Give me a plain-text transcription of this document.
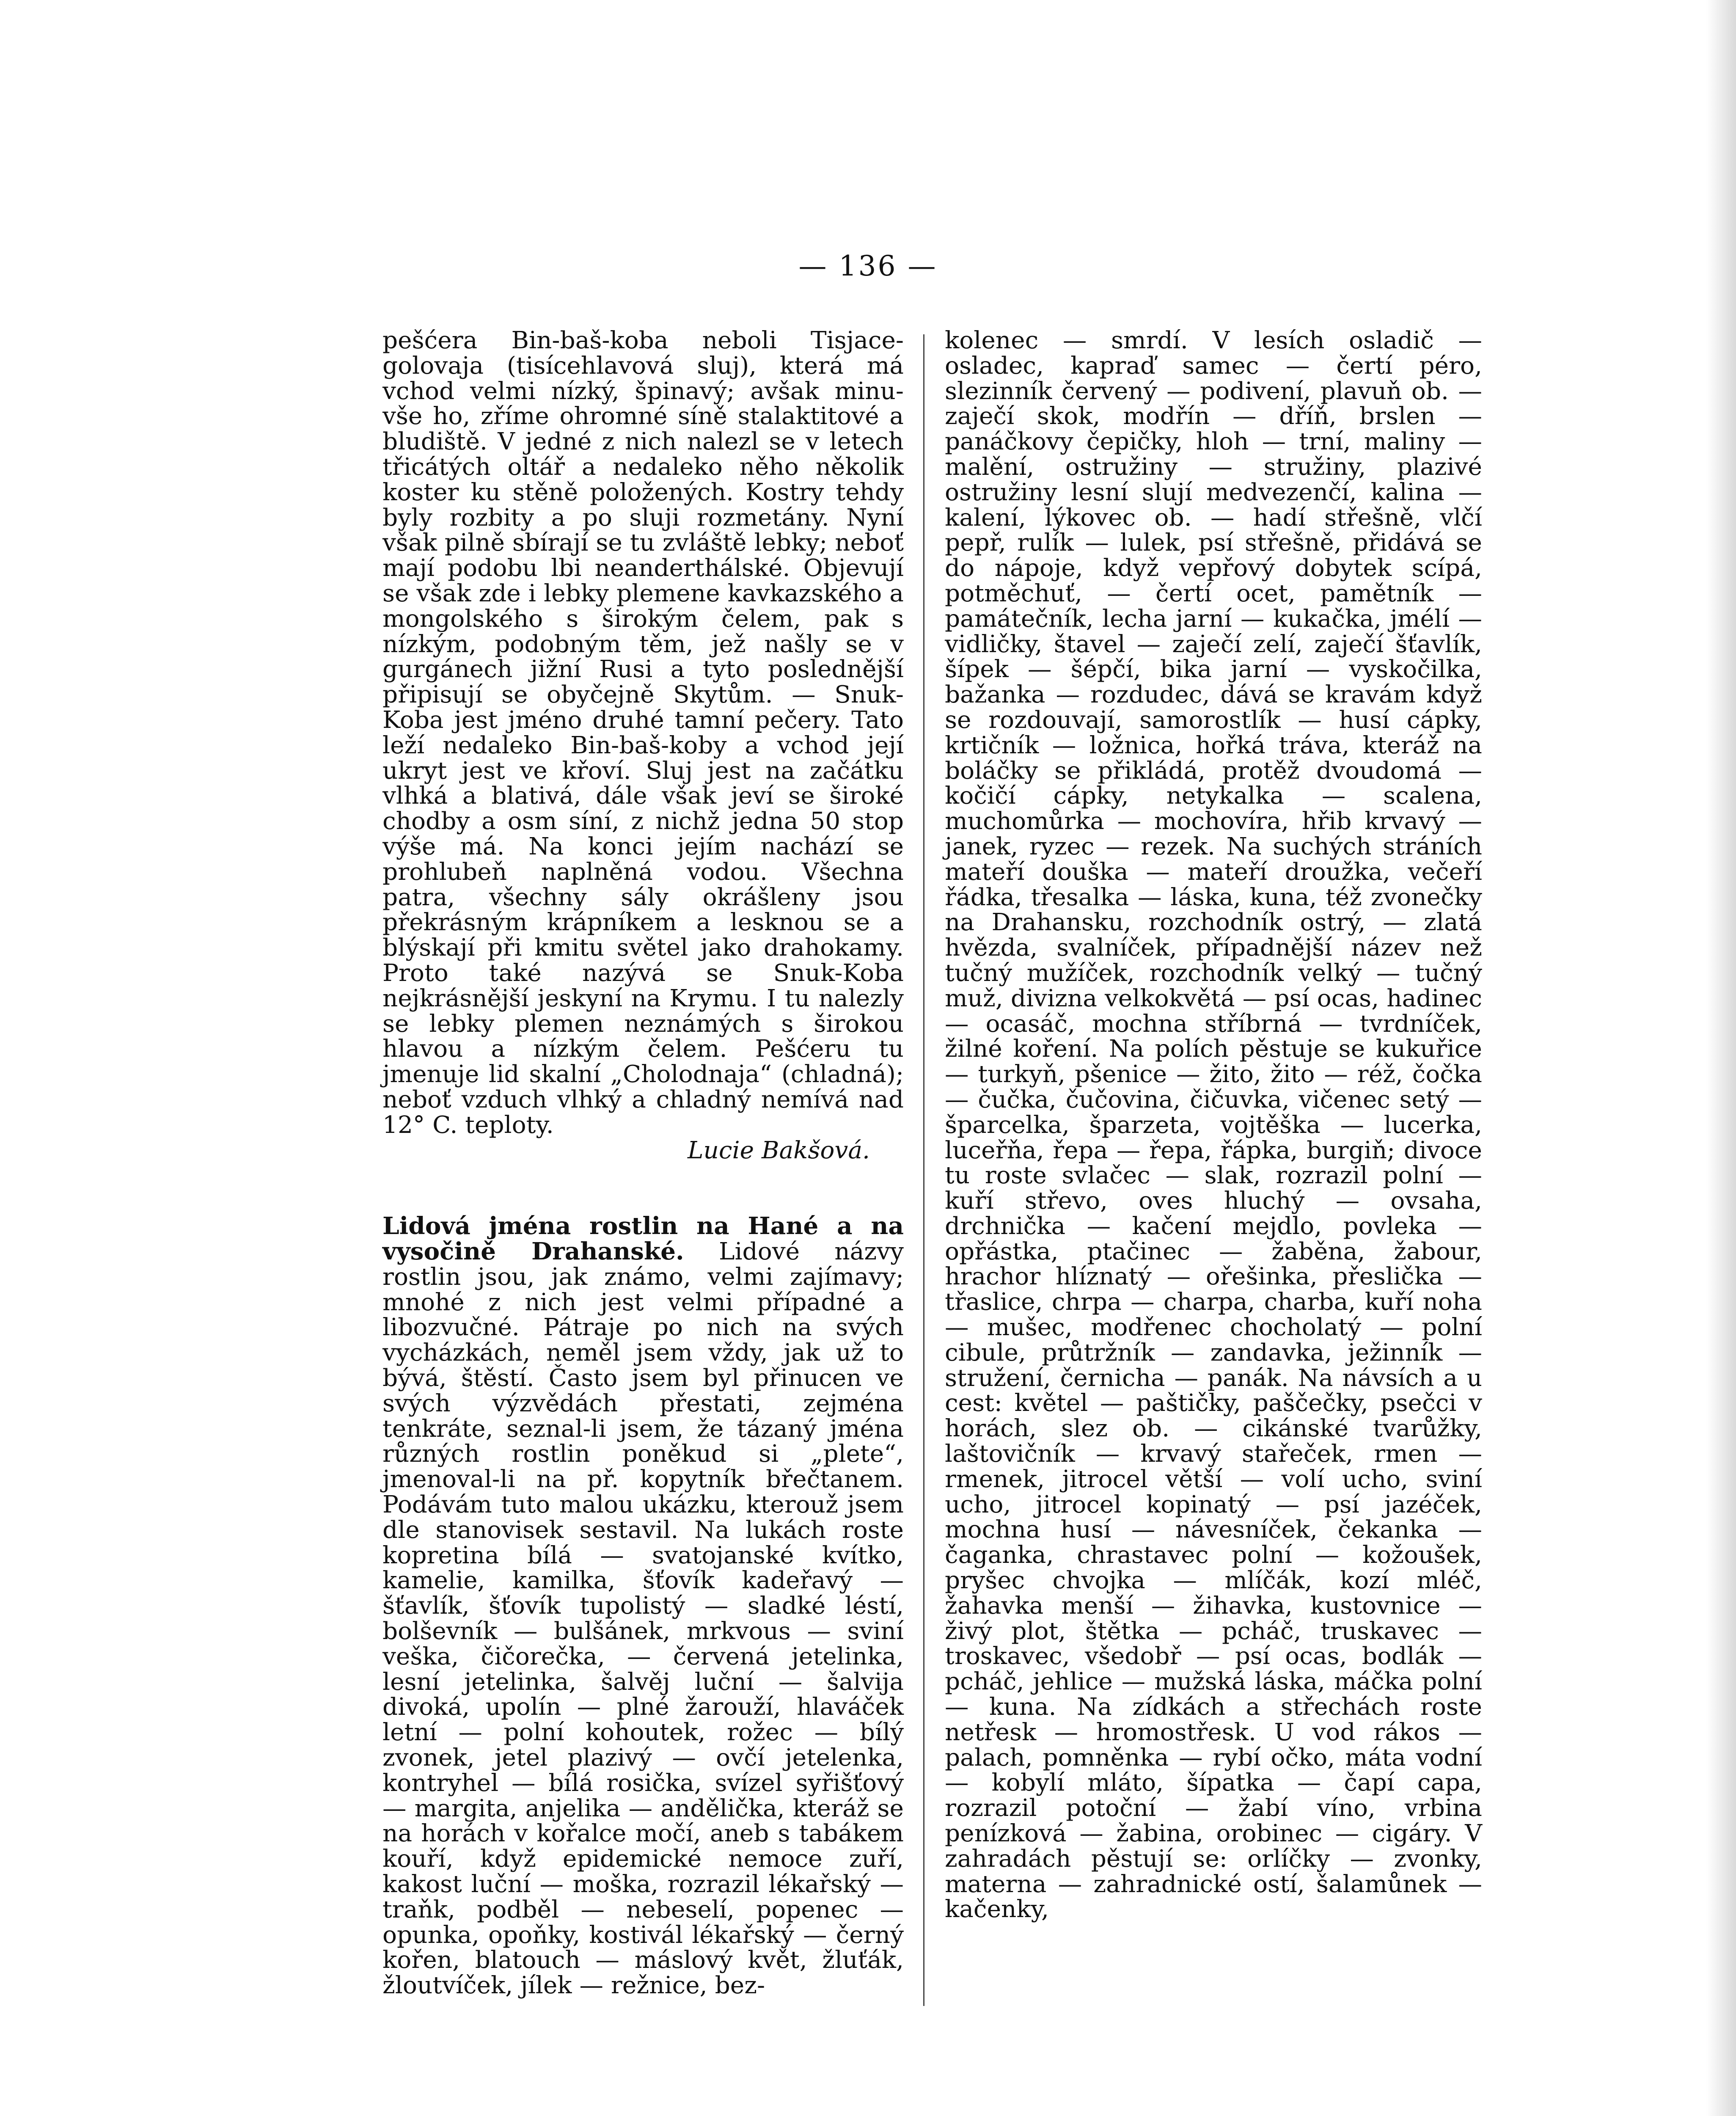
— 136 —

pešćera Bin-baš-koba neboli Tisjace-golovaja (tisícehlavová sluj), která má vchod velmi nízký, špinavý; avšak minu-vše ho, zříme ohromné síně stalaktitové a bludiště. V jedné z nich nalezl se v letech třicátých oltář a nedaleko něho několik koster ku stěně položených. Kostry tehdy byly rozbity a po sluji rozmetány. Nyní však pilně sbírají se tu zvláště lebky; neboť mají podobu lbi neanderthálské. Objevují se však zde i lebky plemene kavkazského a mongolského s širokým čelem, pak s nízkým, podobným těm, jež našly se v gurgánech jižní Rusi a tyto poslednější připisují se obyčejně Skytům. — Snuk-Koba jest jméno druhé tamní pečery. Tato leží nedaleko Bin-baš-koby a vchod její ukryt jest ve křoví. Sluj jest na začátku vlhká a blativá, dále však jeví se široké chodby a osm síní, z nichž jedna 50 stop výše má. Na konci jejím nachází se prohlubeň naplněná vodou. Všechna patra, všechny sály okrášleny jsou překrásným krápníkem a lesknou se a blýskají při kmitu světel jako drahokamy. Proto také nazývá se Snuk-Koba nejkrásnější jeskyní na Krymu. I tu nalezly se lebky plemen neznámých s širokou hlavou a nízkým čelem. Pešćeru tu jmenuje lid skalní „Cholodnaja“ (chladná); neboť vzduch vlhký a chladný nemívá nad 12° C. teploty.

Lucie Bakšová.

Lidová jména rostlin na Hané a na vysočině Drahanské. Lidové názvy rostlin jsou, jak známo, velmi zajímavy; mnohé z nich jest velmi případné a libozvučné. Pátraje po nich na svých vycházkách, neměl jsem vždy, jak už to bývá, štěstí. Často jsem byl přinucen ve svých výzvědách přestati, zejména tenkráte, seznal-li jsem, že tázaný jména různých rostlin poněkud si „plete“, jmenoval-li na př. kopytník břečtanem. Podávám tuto malou ukázku, kterouž jsem dle stanovisek sestavil. Na lukách roste kopretina bílá — svatojanské kvítko, kamelie, kamilka, šťovík kadeřavý — šťavlík, šťovík tupolistý — sladké léstí, bolševník — bulšánek, mrkvous — sviní veška, čičorečka, — červená jetelinka, lesní jetelinka, šalvěj luční — šalvija divoká, upolín — plné žarouží, hlaváček letní — polní kohoutek, rožec — bílý zvonek, jetel plazivý — ovčí jetelenka, kontryhel — bílá rosička, svízel syřišťový — margita, anjelika — andělička, kteráž se na horách v kořalce močí, aneb s tabákem kouří, když epidemické nemoce zuří, kakost luční — moška, rozrazil lékařský — traňk, podběl — nebeselí, popenec — opunka, opoňky, kostivál lékařský — černý kořen, blatouch — máslový květ, žluťák, žloutvíček, jílek — režnice, bez-

kolenec — smrdí. V lesích osladič — osladec, kapraď samec — čertí péro, slezinník červený — podivení, plavuň ob. — zaječí skok, modřín — dříň, brslen — panáčkovy čepičky, hloh — trní, maliny — malění, ostružiny — stružiny, plazivé ostružiny lesní slují medvezenčí, kalina — kalení, lýkovec ob. — hadí střešně, vlčí pepř, rulík — lulek, psí střešně, přidává se do nápoje, když vepřový dobytek scípá, potměchuť, — čertí ocet, pamětník — památečník, lecha jarní — kukačka, jmélí — vidličky, štavel — zaječí zelí, zaječí šťavlík, šípek — šépčí, bika jarní — vyskočilka, bažanka — rozdudec, dává se kravám když se rozdouvají, samorostlík — husí cápky, krtičník — ložnica, hořká tráva, kteráž na boláčky se přikládá, protěž dvoudomá — kočičí cápky, netykalka — scalena, muchomůrka — mochovíra, hřib krvavý — janek, ryzec — rezek. Na suchých stráních mateří douška — mateří droužka, večeří řádka, třesalka — láska, kuna, též zvonečky na Drahansku, rozchodník ostrý, — zlatá hvězda, svalníček, případnější název než tučný mužíček, rozchodník velký — tučný muž, divizna velkokvětá — psí ocas, hadinec — ocasáč, mochna stříbrná — tvrdníček, žilné koření. Na polích pěstuje se kukuřice — turkyň, pšenice — žito, žito — réž, čočka — čučka, čučovina, čičuvka, vičenec setý — šparcelka, šparzeta, vojtěška — lucerka, luceřňa, řepa — řepa, řápka, burgiň; divoce tu roste svlačec — slak, rozrazil polní — kuří střevo, oves hluchý — ovsaha, drchnička — kačení mejdlo, povleka — opřástka, ptačinec — žaběna, žabour, hrachor hlíznatý — ořešinka, přeslička — třaslice, chrpa — charpa, charba, kuří noha — mušec, modřenec chocholatý — polní cibule, průtržník — zandavka, ježinník — stružení, černicha — panák. Na návsích a u cest: květel — paštičky, paščečky, psečci v horách, slez ob. — cikánské tvarůžky, laštovičník — krvavý stařeček, rmen — rmenek, jitrocel větší — volí ucho, sviní ucho, jitrocel kopinatý — psí jazéček, mochna husí — návesníček, čekanka — čaganka, chrastavec polní — kožoušek, pryšec chvojka — mlíčák, kozí mléč, žahavka menší — žihavka, kustovnice — živý plot, štětka — pcháč, truskavec — troskavec, všedobř — psí ocas, bodlák — pcháč, jehlice — mužská láska, máčka polní — kuna. Na zídkách a střechách roste netřesk — hromostřesk. U vod rákos — palach, pomněnka — rybí očko, máta vodní — kobylí mláto, šípatka — čapí capa, rozrazil potoční — žabí víno, vrbina penízková — žabina, orobinec — cigáry. V zahradách pěstují se: orlíčky — zvonky, materna — zahradnické ostí, šalamůnek — kačenky,
